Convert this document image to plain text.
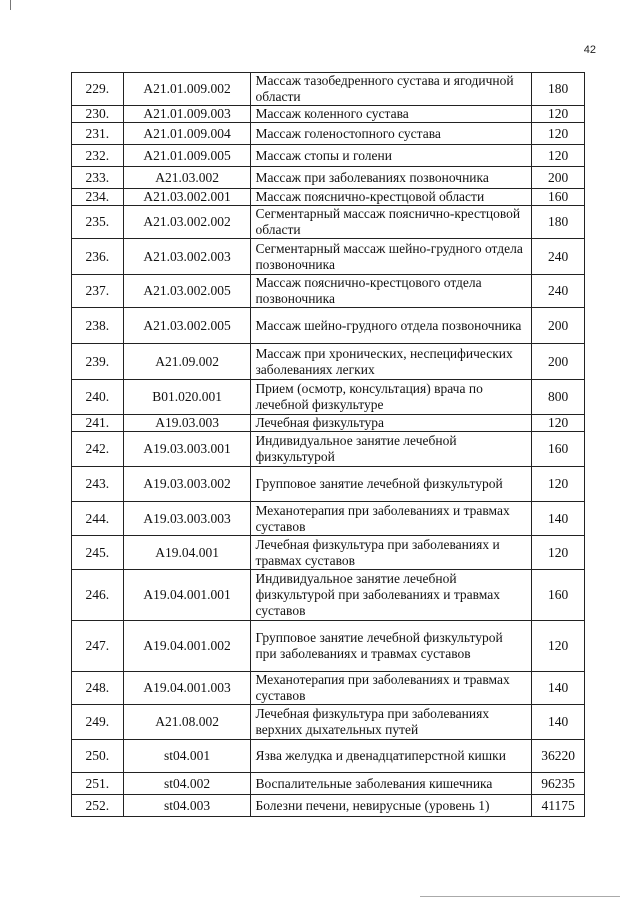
42
229.	A21.01.009.002	Массаж тазобедренного сустава и ягодичной области	180
230.	A21.01.009.003	Массаж коленного сустава	120
231.	A21.01.009.004	Массаж голеностопного сустава	120
232.	A21.01.009.005	Массаж стопы и голени	120
233.	A21.03.002	Массаж при заболеваниях позвоночника	200
234.	A21.03.002.001	Массаж пояснично-крестцовой области	160
235.	A21.03.002.002	Сегментарный массаж пояснично-крестцовой области	180
236.	A21.03.002.003	Сегментарный массаж шейно-грудного отдела позвоночника	240
237.	A21.03.002.005	Массаж пояснично-крестцового отдела позвоночника	240
238.	A21.03.002.005	Массаж шейно-грудного отдела позвоночника	200
239.	A21.09.002	Массаж при хронических, неспецифических заболеваниях легких	200
240.	B01.020.001	Прием (осмотр, консультация) врача по лечебной физкультуре	800
241.	A19.03.003	Лечебная физкультура	120
242.	A19.03.003.001	Индивидуальное занятие лечебной физкультурой	160
243.	A19.03.003.002	Групповое занятие лечебной физкультурой	120
244.	A19.03.003.003	Механотерапия при заболеваниях и травмах суставов	140
245.	A19.04.001	Лечебная физкультура при заболеваниях и травмах суставов	120
246.	A19.04.001.001	Индивидуальное занятие лечебной физкультурой при заболеваниях и травмах суставов	160
247.	A19.04.001.002	Групповое занятие лечебной физкультурой при заболеваниях и травмах суставов	120
248.	A19.04.001.003	Механотерапия при заболеваниях и травмах суставов	140
249.	A21.08.002	Лечебная физкультура при заболеваниях верхних дыхательных путей	140
250.	st04.001	Язва желудка и двенадцатиперстной кишки	36220
251.	st04.002	Воспалительные заболевания кишечника	96235
252.	st04.003	Болезни печени, невирусные (уровень 1)	41175
